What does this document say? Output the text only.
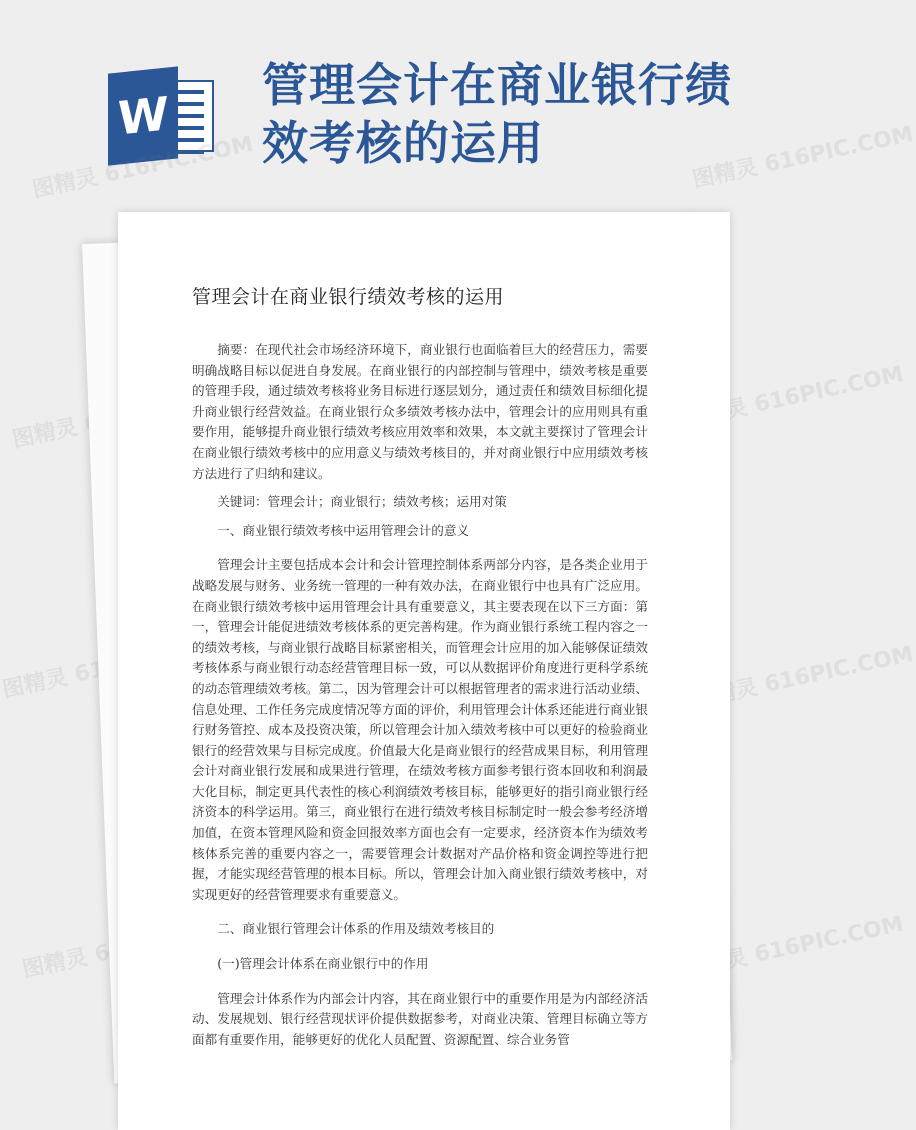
W
管理会计在商业银行绩效考核的运用
图精灵 616PIC.COM	图精灵 616PIC.COM
图精灵
图精灵 616PIC.COM
图精灵	图精灵 616PIC.COM
图精灵	图精灵 616PIC.COM
管理会计在商业银行绩效考核的运用

摘要：在现代社会市场经济环境下，商业银行也面临着巨大的经营压力，需要明确战略目标以促进自身发展。在商业银行的内部控制与管理中，绩效考核是重要的管理手段，通过绩效考核将业务目标进行逐层划分，通过责任和绩效目标细化提升商业银行经营效益。在商业银行众多绩效考核办法中，管理会计的应用则具有重要作用，能够提升商业银行绩效考核应用效率和效果，本文就主要探讨了管理会计在商业银行绩效考核中的应用意义与绩效考核目的，并对商业银行中应用绩效考核方法进行了归纳和建议。

关键词：管理会计；商业银行；绩效考核；运用对策

一、商业银行绩效考核中运用管理会计的意义

管理会计主要包括成本会计和会计管理控制体系两部分内容，是各类企业用于战略发展与财务、业务统一管理的一种有效办法，在商业银行中也具有广泛应用。在商业银行绩效考核中运用管理会计具有重要意义，其主要表现在以下三方面：第一，管理会计能促进绩效考核体系的更完善构建。作为商业银行系统工程内容之一的绩效考核，与商业银行战略目标紧密相关，而管理会计应用的加入能够保证绩效考核体系与商业银行动态经营管理目标一致，可以从数据评价角度进行更科学系统的动态管理绩效考核。第二，因为管理会计可以根据管理者的需求进行活动业绩、信息处理、工作任务完成度情况等方面的评价，利用管理会计体系还能进行商业银行财务管控、成本及投资决策，所以管理会计加入绩效考核中可以更好的检验商业银行的经营效果与目标完成度。价值最大化是商业银行的经营成果目标，利用管理会计对商业银行发展和成果进行管理，在绩效考核方面参考银行资本回收和利润最大化目标，制定更具代表性的核心利润绩效考核目标，能够更好的指引商业银行经济资本的科学运用。第三，商业银行在进行绩效考核目标制定时一般会参考经济增加值，在资本管理风险和资金回报效率方面也会有一定要求，经济资本作为绩效考核体系完善的重要内容之一，需要管理会计数据对产品价格和资金调控等进行把握，才能实现经营管理的根本目标。所以，管理会计加入商业银行绩效考核中，对实现更好的经营管理要求有重要意义。

二、商业银行管理会计体系的作用及绩效考核目的

(一)管理会计体系在商业银行中的作用

管理会计体系作为内部会计内容，其在商业银行中的重要作用是为内部经济活动、发展规划、银行经营现状评价提供数据参考，对商业决策、管理目标确立等方面都有重要作用，能够更好的优化人员配置、资源配置、综合业务管
